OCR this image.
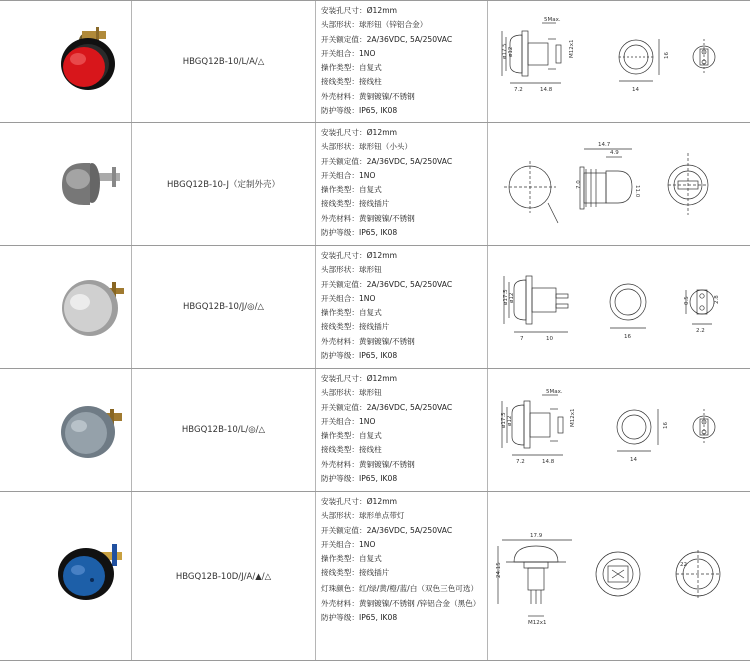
HBGQ12B-10/L/A/△
安装孔尺寸：Ø12mm
头部形状：球形钮（锌铝合金）
开关额定值：2A/36VDC, 5A/250VAC
开关组合：1NO
操作类型：自复式
接线类型：接线柱
外壳材料：黄铜镀镍/不锈钢
防护等级：IP65, IK08
5Max.
ø17.5 ø12	M12x1
7.2	14.8	14
16
HBGQ12B-10-J（定制外壳）
安装孔尺寸：Ø12mm
头部形状：球形钮（小头）
开关额定值：2A/36VDC, 5A/250VAC
开关组合：1NO
操作类型：自复式
接线类型：接线插片
外壳材料：黄铜镀镍/不锈钢
防护等级：IP65, IK08
14.7
4.9
11.0
7.0
HBGQ12B-10/J/◎/△
安装孔尺寸：Ø12mm
头部形状：球形钮
开关额定值：2A/36VDC, 5A/250VAC
开关组合：1NO
操作类型：自复式
接线类型：接线插片
外壳材料：黄铜镀镍/不锈钢
防护等级：IP65, IK08
ø17.5 ø12
7	10	16
0.5	2.8
2.2
HBGQ12B-10/L/◎/△
安装孔尺寸：Ø12mm
头部形状：球形钮
开关额定值：2A/36VDC, 5A/250VAC
开关组合：1NO
操作类型：自复式
接线类型：接线柱
外壳材料：黄铜镀镍/不锈钢
防护等级：IP65, IK08
5Max.
ø17.5 ø12	M12x1
7.2	14.8	14
16
HBGQ12B-10D/J/A/▲/△
安装孔尺寸：Ø12mm
头部形状：球形单点带灯
开关额定值：2A/36VDC, 5A/250VAC
开关组合：1NO
操作类型：自复式
接线类型：接线插片
灯珠颜色：红/绿/黄/橙/蓝/白（双色三色可选）
外壳材料：黄铜镀镍/不锈钢 /锌铝合金（黑色）
防护等级：IP65, IK08
17.9
24.15
M12x1
22
